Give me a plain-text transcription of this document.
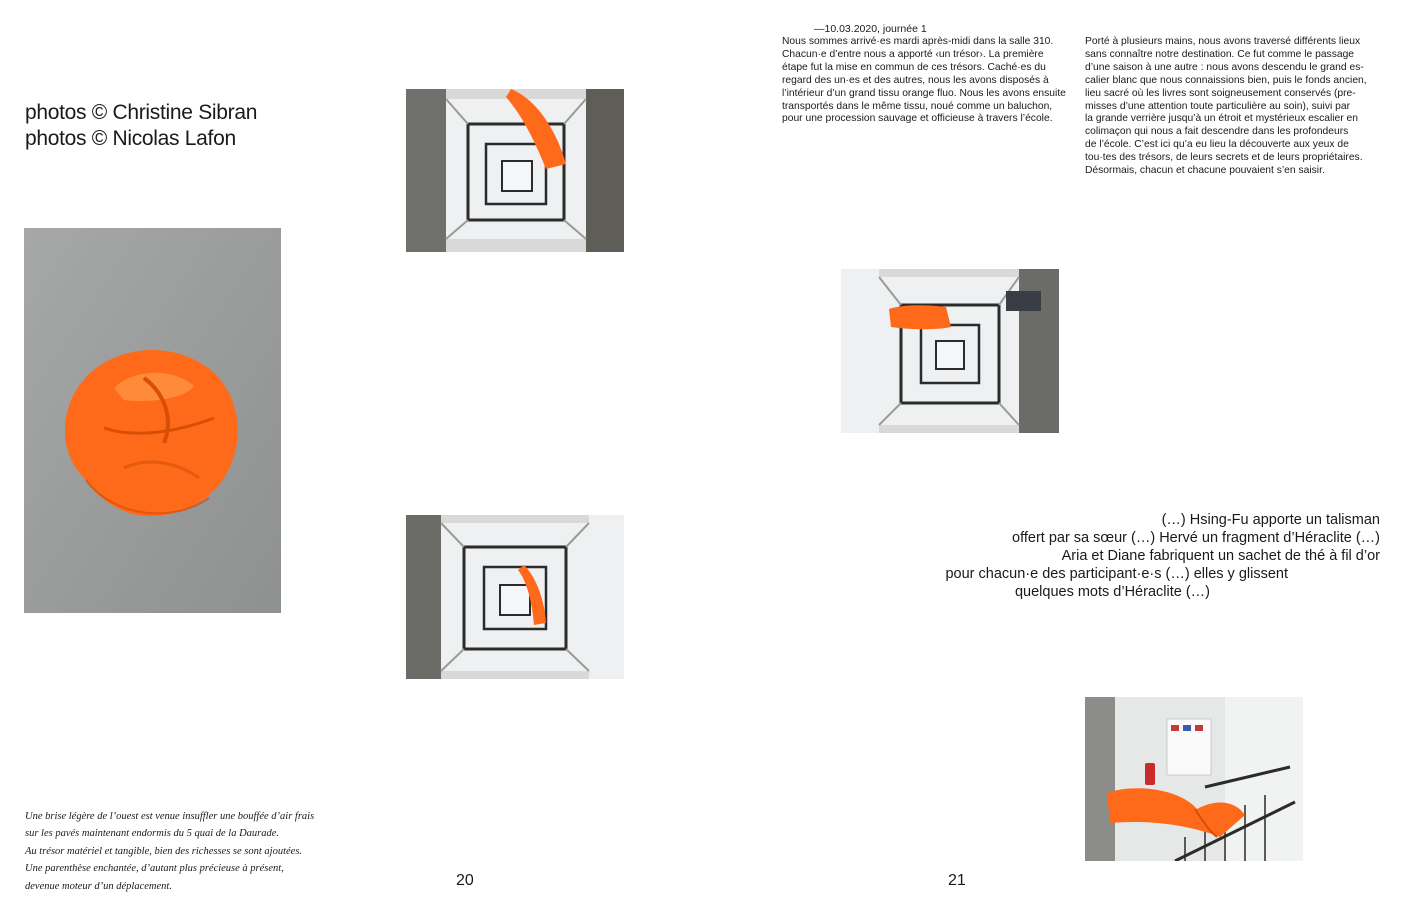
photos © Christine Sibran
photos © Nicolas Lafon
Une brise légère de l’ouest est venue insuffler une bouffée d’air frais
sur les pavés maintenant endormis du 5 quai de la Daurade.
Au trésor matériel et tangible, bien des richesses se sont ajoutées.
Une parenthèse enchantée, d’autant plus précieuse à présent,
devenue moteur d’un déplacement.	20
—10.03.2020, journée 1
Nous sommes arrivé·es mardi après-midi dans la salle 310.
Chacun·e d’entre nous a apporté ‹un trésor›. La première
étape fut la mise en commun de ces trésors. Caché·es du
regard des un·es et des autres, nous les avons disposés à
l’intérieur d’un grand tissu orange fluo. Nous les avons ensuite
transportés dans le même tissu, noué comme un baluchon,
pour une procession sauvage et officieuse à travers l’école.
Porté à plusieurs mains, nous avons traversé différents lieux
sans connaître notre destination. Ce fut comme le passage
d’une saison à une autre : nous avons descendu le grand es-
calier blanc que nous connaissions bien, puis le fonds ancien,
lieu sacré où les livres sont soigneusement conservés (pre-
misses d’une attention toute particulière au soin), suivi par
la grande verrière jusqu’à un étroit et mystérieux escalier en
colimaçon qui nous a fait descendre dans les profondeurs
de l’école. C’est ici qu’a eu lieu la découverte aux yeux de
tou·tes des trésors, de leurs secrets et de leurs propriétaires.
Désormais, chacun et chacune pouvaient s’en saisir.
(…) Hsing-Fu apporte un talisman
offert par sa sœur (…) Hervé un fragment d’Héraclite (…)
Aria et Diane fabriquent un sachet de thé à fil d’or
pour chacun·e des participant·e·s (…) elles y glissent
quelques mots d’Héraclite (…)
21
